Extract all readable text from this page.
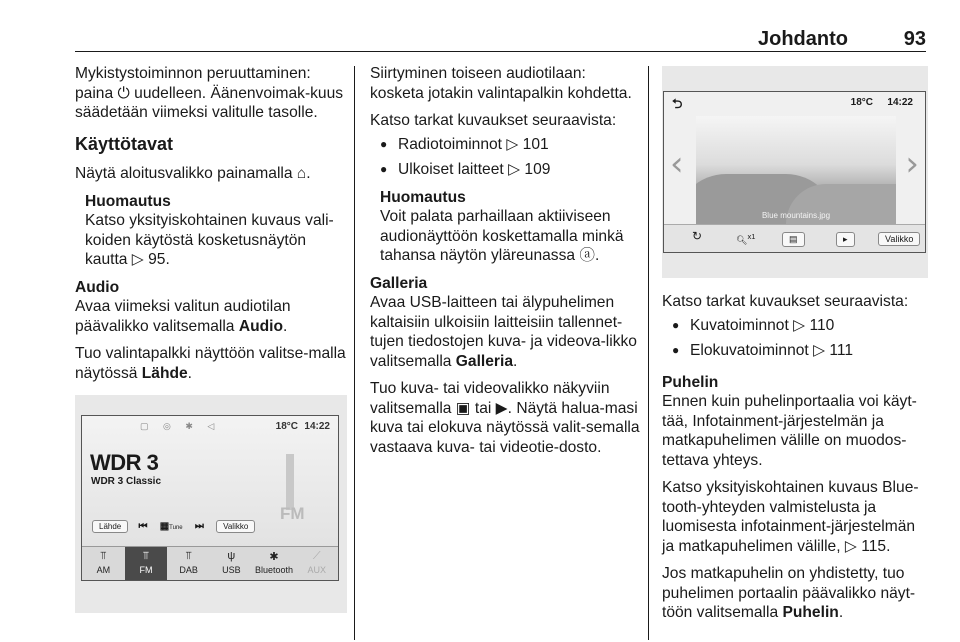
Johdanto	93
Mykistystoiminnon peruuttaminen: paina ⏻ uudelleen. Äänenvoimak-kuus säädetään viimeksi valitulle tasolle.
Käyttötavat
Näytä aloitusvalikko painamalla ⌂.
Huomautus
Katso yksityiskohtainen kuvaus vali-koiden käytöstä kosketusnäytön kautta ▷ 95.
Audio
Avaa viimeksi valitun audiotilan päävalikko valitsemalla Audio.
Tuo valintapalkki näyttöön valitse-malla näytössä Lähde.
▢ ◎ ✱ ◁	18°C 14:22
WDR 3
WDR 3 Classic
FM
Lähde ⏮ ▦Tune ⏭ Valikko
⫪
AM
⫪
FM
⫪
DAB
ψ
USB
✱
Bluetooth
⟋
AUX
Siirtyminen toiseen audiotilaan: kosketa jotakin valintapalkin kohdetta.
Katso tarkat kuvaukset seuraavista:
● Radiotoiminnot ▷ 101
● Ulkoiset laitteet ▷ 109
Huomautus
Voit palata parhaillaan aktiiviseen audionäyttöön koskettamalla minkä tahansa näytön yläreunassa ⓐ.
Galleria
Avaa USB-laitteen tai älypuhelimen kaltaisiin ulkoisiin laitteisiin tallennet-tujen tiedostojen kuva- ja videova-likko valitsemalla Galleria.
Tuo kuva- tai videovalikko näkyviin valitsemalla ▣ tai ▶. Näytä halua-masi kuva tai elokuva näytössä valit-semalla vastaava kuva- tai videotie-dosto.
⮌	18°C 14:22
‹
Blue mountains.jpg
›
↻	🔍︎$^{x1}$	▤	▸	Valikko
Katso tarkat kuvaukset seuraavista:
● Kuvatoiminnot ▷ 110
● Elokuvatoiminnot ▷ 111
Puhelin
Ennen kuin puhelinportaalia voi käyt-tää, Infotainment-järjestelmän ja matkapuhelimen välille on muodos-tettava yhteys.
Katso yksityiskohtainen kuvaus Blue-tooth-yhteyden valmistelusta ja luomisesta infotainment-järjestelmän ja matkapuhelimen välille, ▷ 115.
Jos matkapuhelin on yhdistetty, tuo puhelimen portaalin päävalikko näyt-töön valitsemalla Puhelin.
